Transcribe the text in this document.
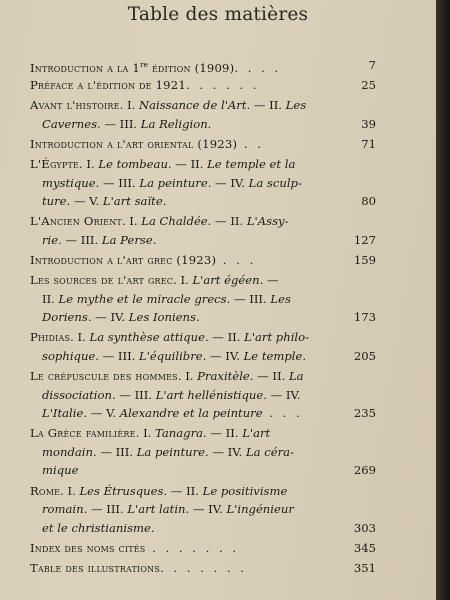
Table des matières
Introduction a la 1re édition (1909). . . .	7
Préface a l'édition de 1921. . . . . .	25
Avant l'histoire. I. Naissance de l'Art. — II. Les
Cavernes. — III. La Religion.	39
Introduction a l'art oriental (1923) . .	71
L'Égypte. I. Le tombeau. — II. Le temple et la
mystique. — III. La peinture. — IV. La sculp-
ture. — V. L'art saïte.	80
L'Ancien Orient. I. La Chaldée. — II. L'Assy-
rie. — III. La Perse.	127
Introduction a l'art grec (1923) . . .	159
Les sources de l'art grec. I. L'art égéen. —
II. Le mythe et le miracle grecs. — III. Les
Doriens. — IV. Les Ioniens.	173
Phidias. I. La synthèse attique. — II. L'art philo-
sophique. — III. L'équilibre. — IV. Le temple.	205
Le crépuscule des hommes. I. Praxitèle. — II. La
dissociation. — III. L'art hellénistique. — IV.
L'Italie. — V. Alexandre et la peinture . . .	235
La Grèce familière. I. Tanagra. — II. L'art
mondain. — III. La peinture. — IV. La céra-
mique	269
Rome. I. Les Étrusques. — II. Le positivisme
romain. — III. L'art latin. — IV. L'ingénieur
et le christianisme.	303
Index des noms cités . . . . . . .	345
Table des illustrations. . . . . . .	351
